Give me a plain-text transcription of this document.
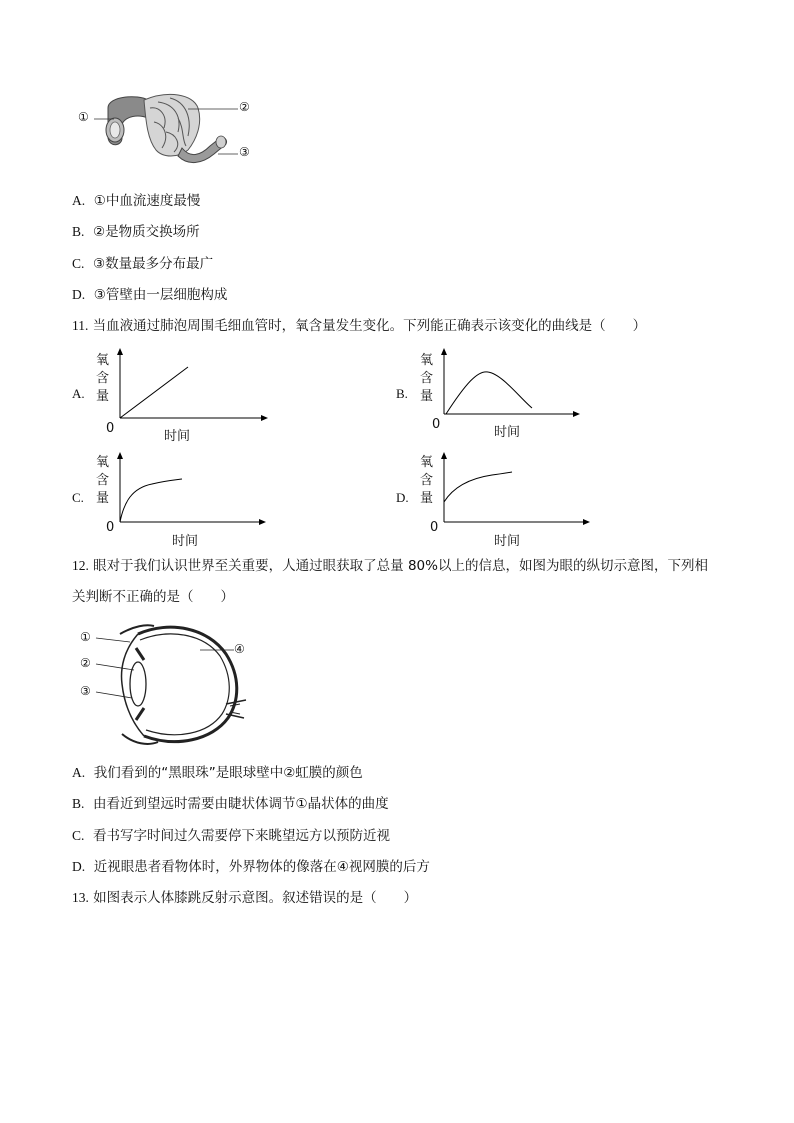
①
②
③
A. ①中血流速度最慢
B. ②是物质交换场所
C. ③数量最多分布最广
D. ③管壁由一层细胞构成
11. 当血液通过肺泡周围毛细血管时，氧含量发生变化。下列能正确表示该变化的曲线是（　　）
A.
氧
含
量
0
时间
B.
氧
含
量
0
时间
C.
氧
含
量
0
时间
D.
氧
含
量
0
时间
12. 眼对于我们认识世界至关重要，人通过眼获取了总量 80%以上的信息，如图为眼的纵切示意图，下列相
关判断不正确的是（　　）
①
②
③
④
A. 我们看到的“黑眼珠”是眼球壁中②虹膜的颜色
B. 由看近到望远时需要由睫状体调节①晶状体的曲度
C. 看书写字时间过久需要停下来眺望远方以预防近视
D. 近视眼患者看物体时，外界物体的像落在④视网膜的后方
13. 如图表示人体膝跳反射示意图。叙述错误的是（　　）
